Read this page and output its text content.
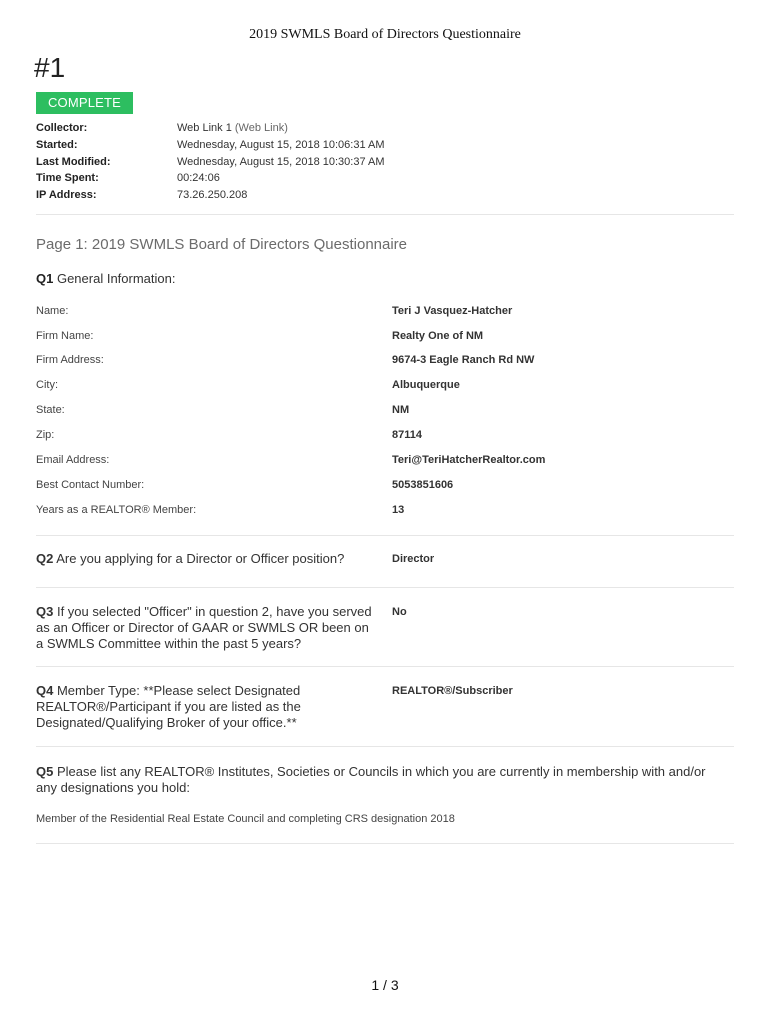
2019 SWMLS Board of Directors Questionnaire
#1
COMPLETE
Collector:	Web Link 1 (Web Link)
Started:	Wednesday, August 15, 2018 10:06:31 AM
Last Modified:	Wednesday, August 15, 2018 10:30:37 AM
Time Spent:	00:24:06
IP Address:	73.26.250.208
Page 1: 2019 SWMLS Board of Directors Questionnaire
Q1 General Information:
Name:	Teri J Vasquez-Hatcher
Firm Name:	Realty One of NM
Firm Address:	9674-3 Eagle Ranch Rd NW
City:	Albuquerque
State:	NM
Zip:	87114
Email Address:	Teri@TeriHatcherRealtor.com
Best Contact Number:	5053851606
Years as a REALTOR® Member:	13
Q2 Are you applying for a Director or Officer position?	Director
Q3 If you selected "Officer" in question 2, have you served as an Officer or Director of GAAR or SWMLS OR been on a SWMLS Committee within the past 5 years?
No
Q4 Member Type: **Please select Designated REALTOR®/Participant if you are listed as the Designated/Qualifying Broker of your office.**
REALTOR®/Subscriber
Q5 Please list any REALTOR® Institutes, Societies or Councils in which you are currently in membership with and/or any designations you hold:
Member of the Residential Real Estate Council and completing CRS designation 2018
1 / 3
